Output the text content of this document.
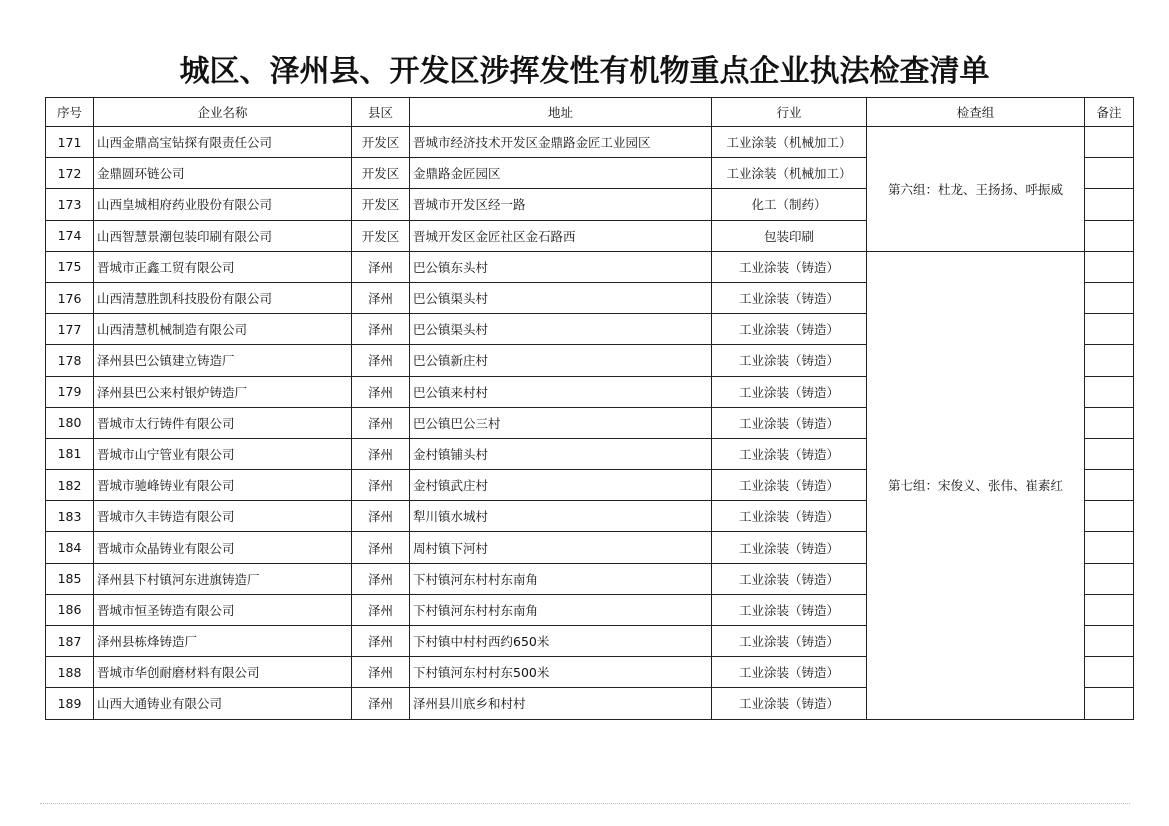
城区、泽州县、开发区涉挥发性有机物重点企业执法检查清单
序号	企业名称	县区	地址	行业	检查组	备注
171	山西金鼎高宝钻探有限责任公司	开发区	晋城市经济技术开发区金鼎路金匠工业园区	工业涂装（机械加工）	第六组：杜龙、王扬扬、呼振威	
172	金鼎圆环链公司	开发区	金鼎路金匠园区	工业涂装（机械加工）		
173	山西皇城相府药业股份有限公司	开发区	晋城市开发区经一路	化工（制药）		
174	山西智慧景潮包装印刷有限公司	开发区	晋城开发区金匠社区金石路西	包装印刷		
175	晋城市正鑫工贸有限公司	泽州	巴公镇东头村	工业涂装（铸造）	第七组：宋俊义、张伟、崔素红	
176	山西清慧胜凯科技股份有限公司	泽州	巴公镇渠头村	工业涂装（铸造）		
177	山西清慧机械制造有限公司	泽州	巴公镇渠头村	工业涂装（铸造）		
178	泽州县巴公镇建立铸造厂	泽州	巴公镇新庄村	工业涂装（铸造）		
179	泽州县巴公来村银炉铸造厂	泽州	巴公镇来村村	工业涂装（铸造）		
180	晋城市太行铸件有限公司	泽州	巴公镇巴公三村	工业涂装（铸造）		
181	晋城市山宁管业有限公司	泽州	金村镇铺头村	工业涂装（铸造）		
182	晋城市驰峰铸业有限公司	泽州	金村镇武庄村	工业涂装（铸造）		
183	晋城市久丰铸造有限公司	泽州	犁川镇水城村	工业涂装（铸造）		
184	晋城市众晶铸业有限公司	泽州	周村镇下河村	工业涂装（铸造）		
185	泽州县下村镇河东进旗铸造厂	泽州	下村镇河东村村东南角	工业涂装（铸造）		
186	晋城市恒圣铸造有限公司	泽州	下村镇河东村村东南角	工业涂装（铸造）		
187	泽州县栋烽铸造厂	泽州	下村镇中村村西约650米	工业涂装（铸造）		
188	晋城市华创耐磨材料有限公司	泽州	下村镇河东村村东500米	工业涂装（铸造）		
189	山西大通铸业有限公司	泽州	泽州县川底乡和村村	工业涂装（铸造）		
